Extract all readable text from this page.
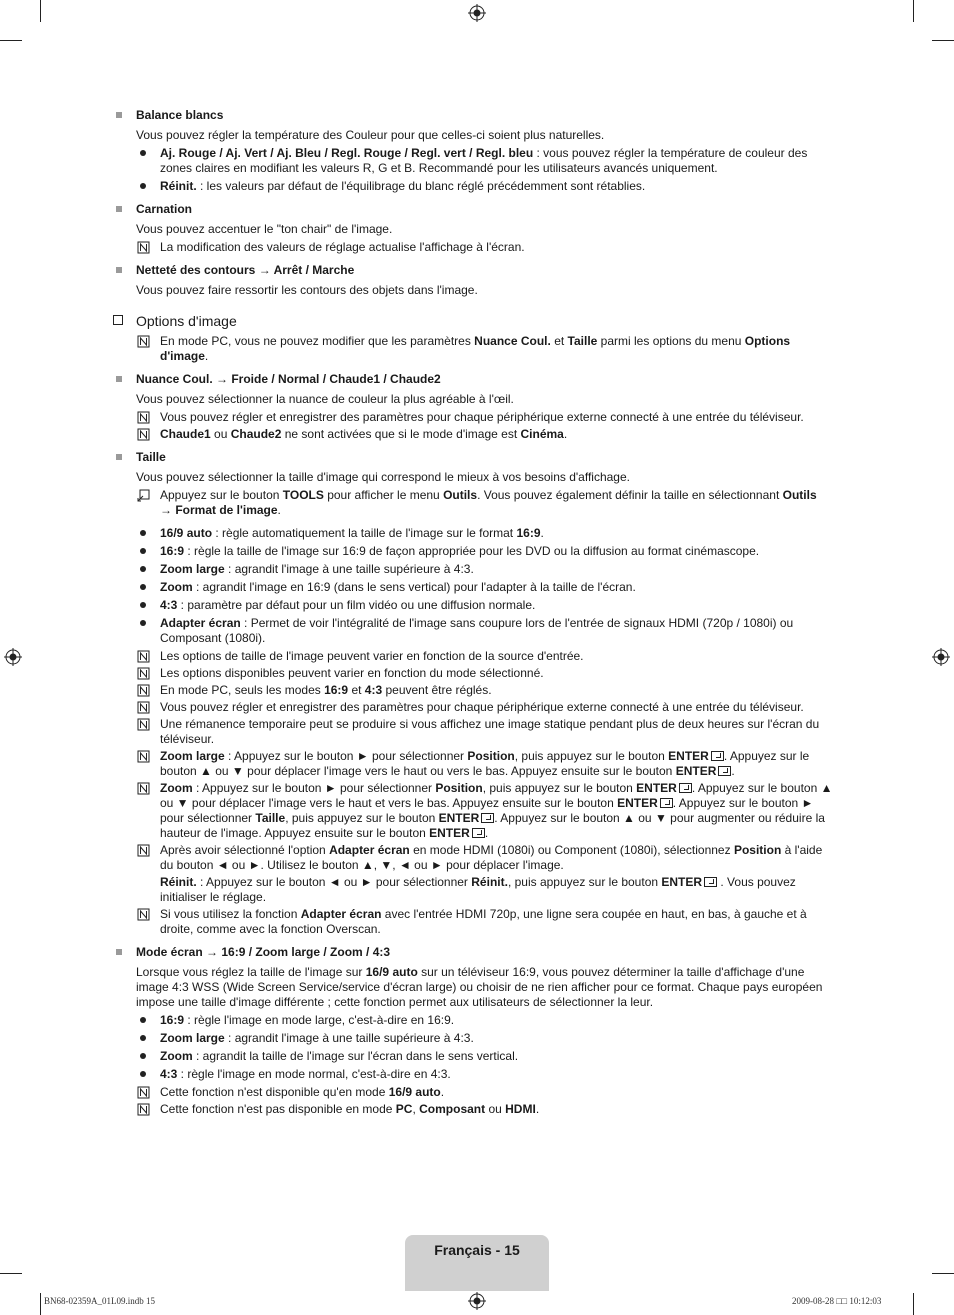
Balance blancs
Vous pouvez régler la température des Couleur pour que celles-ci soient plus naturelles.
Aj. Rouge / Aj. Vert / Aj. Bleu / Regl. Rouge / Regl. vert / Regl. bleu : vous pouvez régler la température de couleur des zones claires en modifiant les valeurs R, G et B. Recommandé pour les utilisateurs avancés uniquement.
Réinit. : les valeurs par défaut de l'équilibrage du blanc réglé précédemment sont rétablies.
Carnation
Vous pouvez accentuer le "ton chair" de l'image.
La modification des valeurs de réglage actualise l'affichage à l'écran.
Netteté des contours → Arrêt / Marche
Vous pouvez faire ressortir les contours des objets dans l'image.
Options d'image
En mode PC, vous ne pouvez modifier que les paramètres Nuance Coul. et Taille parmi les options du menu Options d'image.
Nuance Coul. → Froide / Normal / Chaude1 / Chaude2
Vous pouvez sélectionner la nuance de couleur la plus agréable à l'œil.
Vous pouvez régler et enregistrer des paramètres pour chaque périphérique externe connecté à une entrée du téléviseur.
Chaude1 ou Chaude2 ne sont activées que si le mode d'image est Cinéma.
Taille
Vous pouvez sélectionner la taille d'image qui correspond le mieux à vos besoins d'affichage.
Appuyez sur le bouton TOOLS pour afficher le menu Outils. Vous pouvez également définir la taille en sélectionnant Outils
→ Format de l'image.
16/9 auto : règle automatiquement la taille de l'image sur le format 16:9.
16:9 : règle la taille de l'image sur 16:9 de façon appropriée pour les DVD ou la diffusion au format cinémascope.
Zoom large : agrandit l'image à une taille supérieure à 4:3.
Zoom : agrandit l'image en 16:9 (dans le sens vertical) pour l'adapter à la taille de l'écran.
4:3 : paramètre par défaut pour un film vidéo ou une diffusion normale.
Adapter écran : Permet de voir l'intégralité de l'image sans coupure lors de l'entrée de signaux HDMI (720p / 1080i) ou Composant (1080i).
Les options de taille de l'image peuvent varier en fonction de la source d'entrée.
Les options disponibles peuvent varier en fonction du mode sélectionné.
En mode PC, seuls les modes 16:9 et 4:3 peuvent être réglés.
Vous pouvez régler et enregistrer des paramètres pour chaque périphérique externe connecté à une entrée du téléviseur.
Une rémanence temporaire peut se produire si vous affichez une image statique pendant plus de deux heures sur l'écran du téléviseur.
Zoom large : Appuyez sur le bouton ► pour sélectionner Position, puis appuyez sur le bouton ENTER . Appuyez sur le bouton ▲ ou ▼ pour déplacer l'image vers le haut ou vers le bas. Appuyez ensuite sur le bouton ENTER .
Zoom : Appuyez sur le bouton ► pour sélectionner Position, puis appuyez sur le bouton ENTER . Appuyez sur le bouton ▲ ou ▼ pour déplacer l'image vers le haut et vers le bas. Appuyez ensuite sur le bouton ENTER . Appuyez sur le bouton ► pour sélectionner Taille, puis appuyez sur le bouton ENTER . Appuyez sur le bouton ▲ ou ▼ pour augmenter ou réduire la hauteur de l'image. Appuyez ensuite sur le bouton ENTER .
Après avoir sélectionné l'option Adapter écran en mode HDMI (1080i) ou Component (1080i), sélectionnez Position à l'aide du bouton ◄ ou ►. Utilisez le bouton ▲, ▼, ◄ ou ► pour déplacer l'image.
Réinit. : Appuyez sur le bouton ◄ ou ► pour sélectionner Réinit., puis appuyez sur le bouton ENTER . Vous pouvez initialiser le réglage.
Si vous utilisez la fonction Adapter écran avec l'entrée HDMI 720p, une ligne sera coupée en haut, en bas, à gauche et à droite, comme avec la fonction Overscan.
Mode écran → 16:9 / Zoom large / Zoom / 4:3
Lorsque vous réglez la taille de l'image sur 16/9 auto sur un téléviseur 16:9, vous pouvez déterminer la taille d'affichage d'une image 4:3 WSS (Wide Screen Service/service d'écran large) ou choisir de ne rien afficher pour ce format. Chaque pays européen impose une taille d'image différente ; cette fonction permet aux utilisateurs de sélectionner la leur.
16:9 : règle l'image en mode large, c'est-à-dire en 16:9.
Zoom large : agrandit l'image à une taille supérieure à 4:3.
Zoom : agrandit la taille de l'image sur l'écran dans le sens vertical.
4:3 : règle l'image en mode normal, c'est-à-dire en 4:3.
Cette fonction n'est disponible qu'en mode 16/9 auto.
Cette fonction n'est pas disponible en mode PC, Composant ou HDMI.
Français - 15
BN68-02359A_01L09.indb 15	2009-08-28 □□ 10:12:03
